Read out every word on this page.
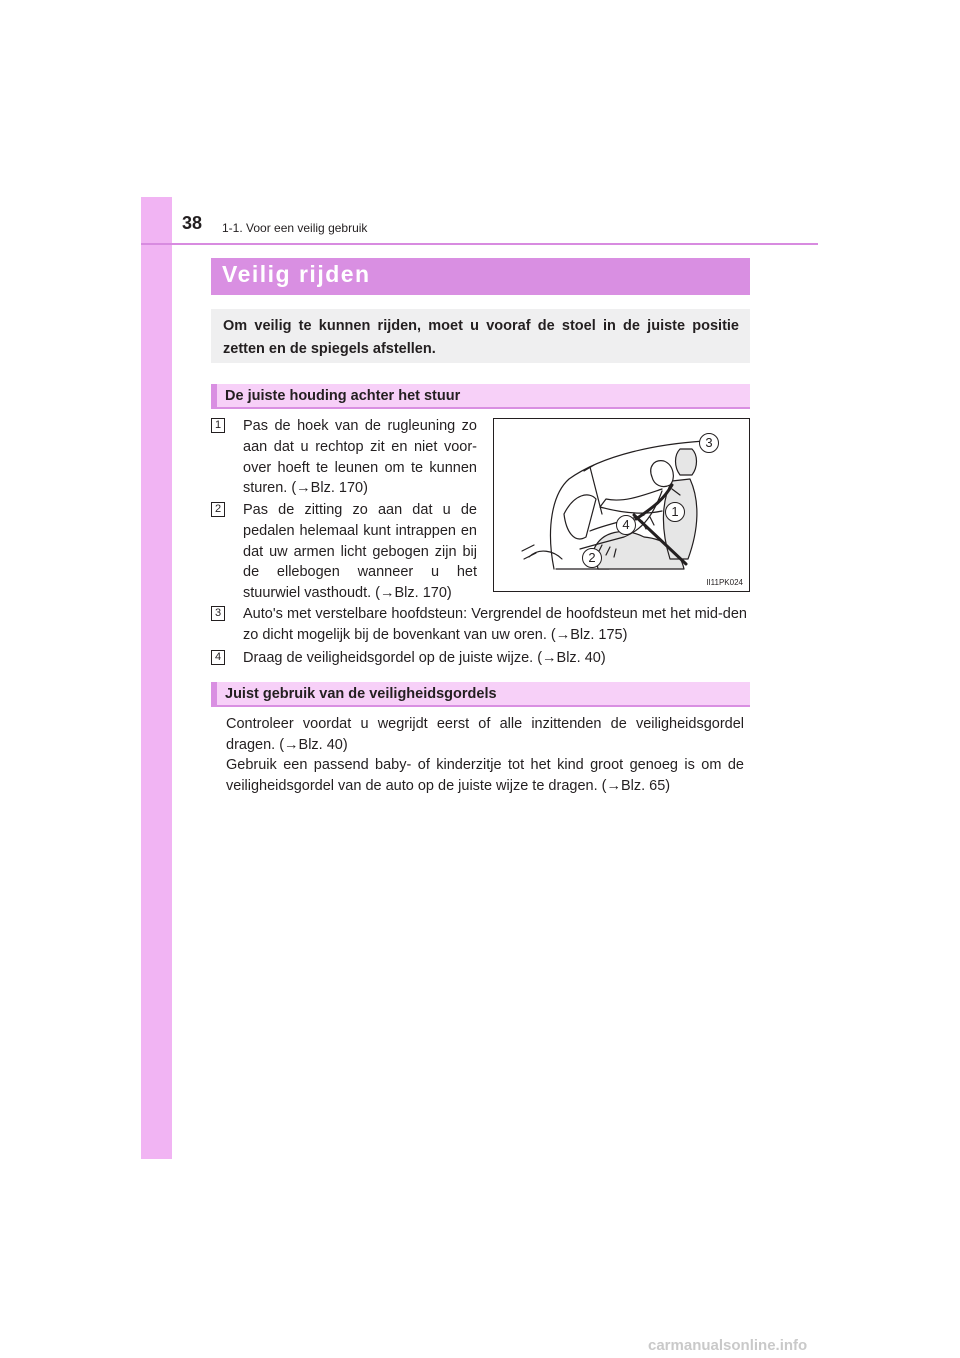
38 1-1. Voor een veilig gebruik
Veilig rijden

Om veilig te kunnen rijden, moet u vooraf de stoel in de juiste positie zetten en de spiegels afstellen.

De juiste houding achter het stuur
1 Pas de hoek van de rugleuning zo aan dat u rechtop zit en niet voor-over hoeft te leunen om te kunnen sturen. (→Blz. 170)

2 Pas de zitting zo aan dat u de pedalen helemaal kunt intrappen en dat uw armen licht gebogen zijn bij de ellebogen wanneer u het stuurwiel vasthoudt. (→Blz. 170)

3 Auto's met verstelbare hoofdsteun: Vergrendel de hoofdsteun met het mid-den zo dicht mogelijk bij de bovenkant van uw oren. (→Blz. 175)

4 Draag de veiligheidsgordel op de juiste wijze. (→Blz. 40)

3
1
4
2
II11PK024
Juist gebruik van de veiligheidsgordels

Controleer voordat u wegrijdt eerst of alle inzittenden de veiligheidsgordel dragen. (→Blz. 40)

Gebruik een passend baby- of kinderzitje tot het kind groot genoeg is om de veiligheidsgordel van de auto op de juiste wijze te dragen. (→Blz. 65)

carmanualsonline.info
